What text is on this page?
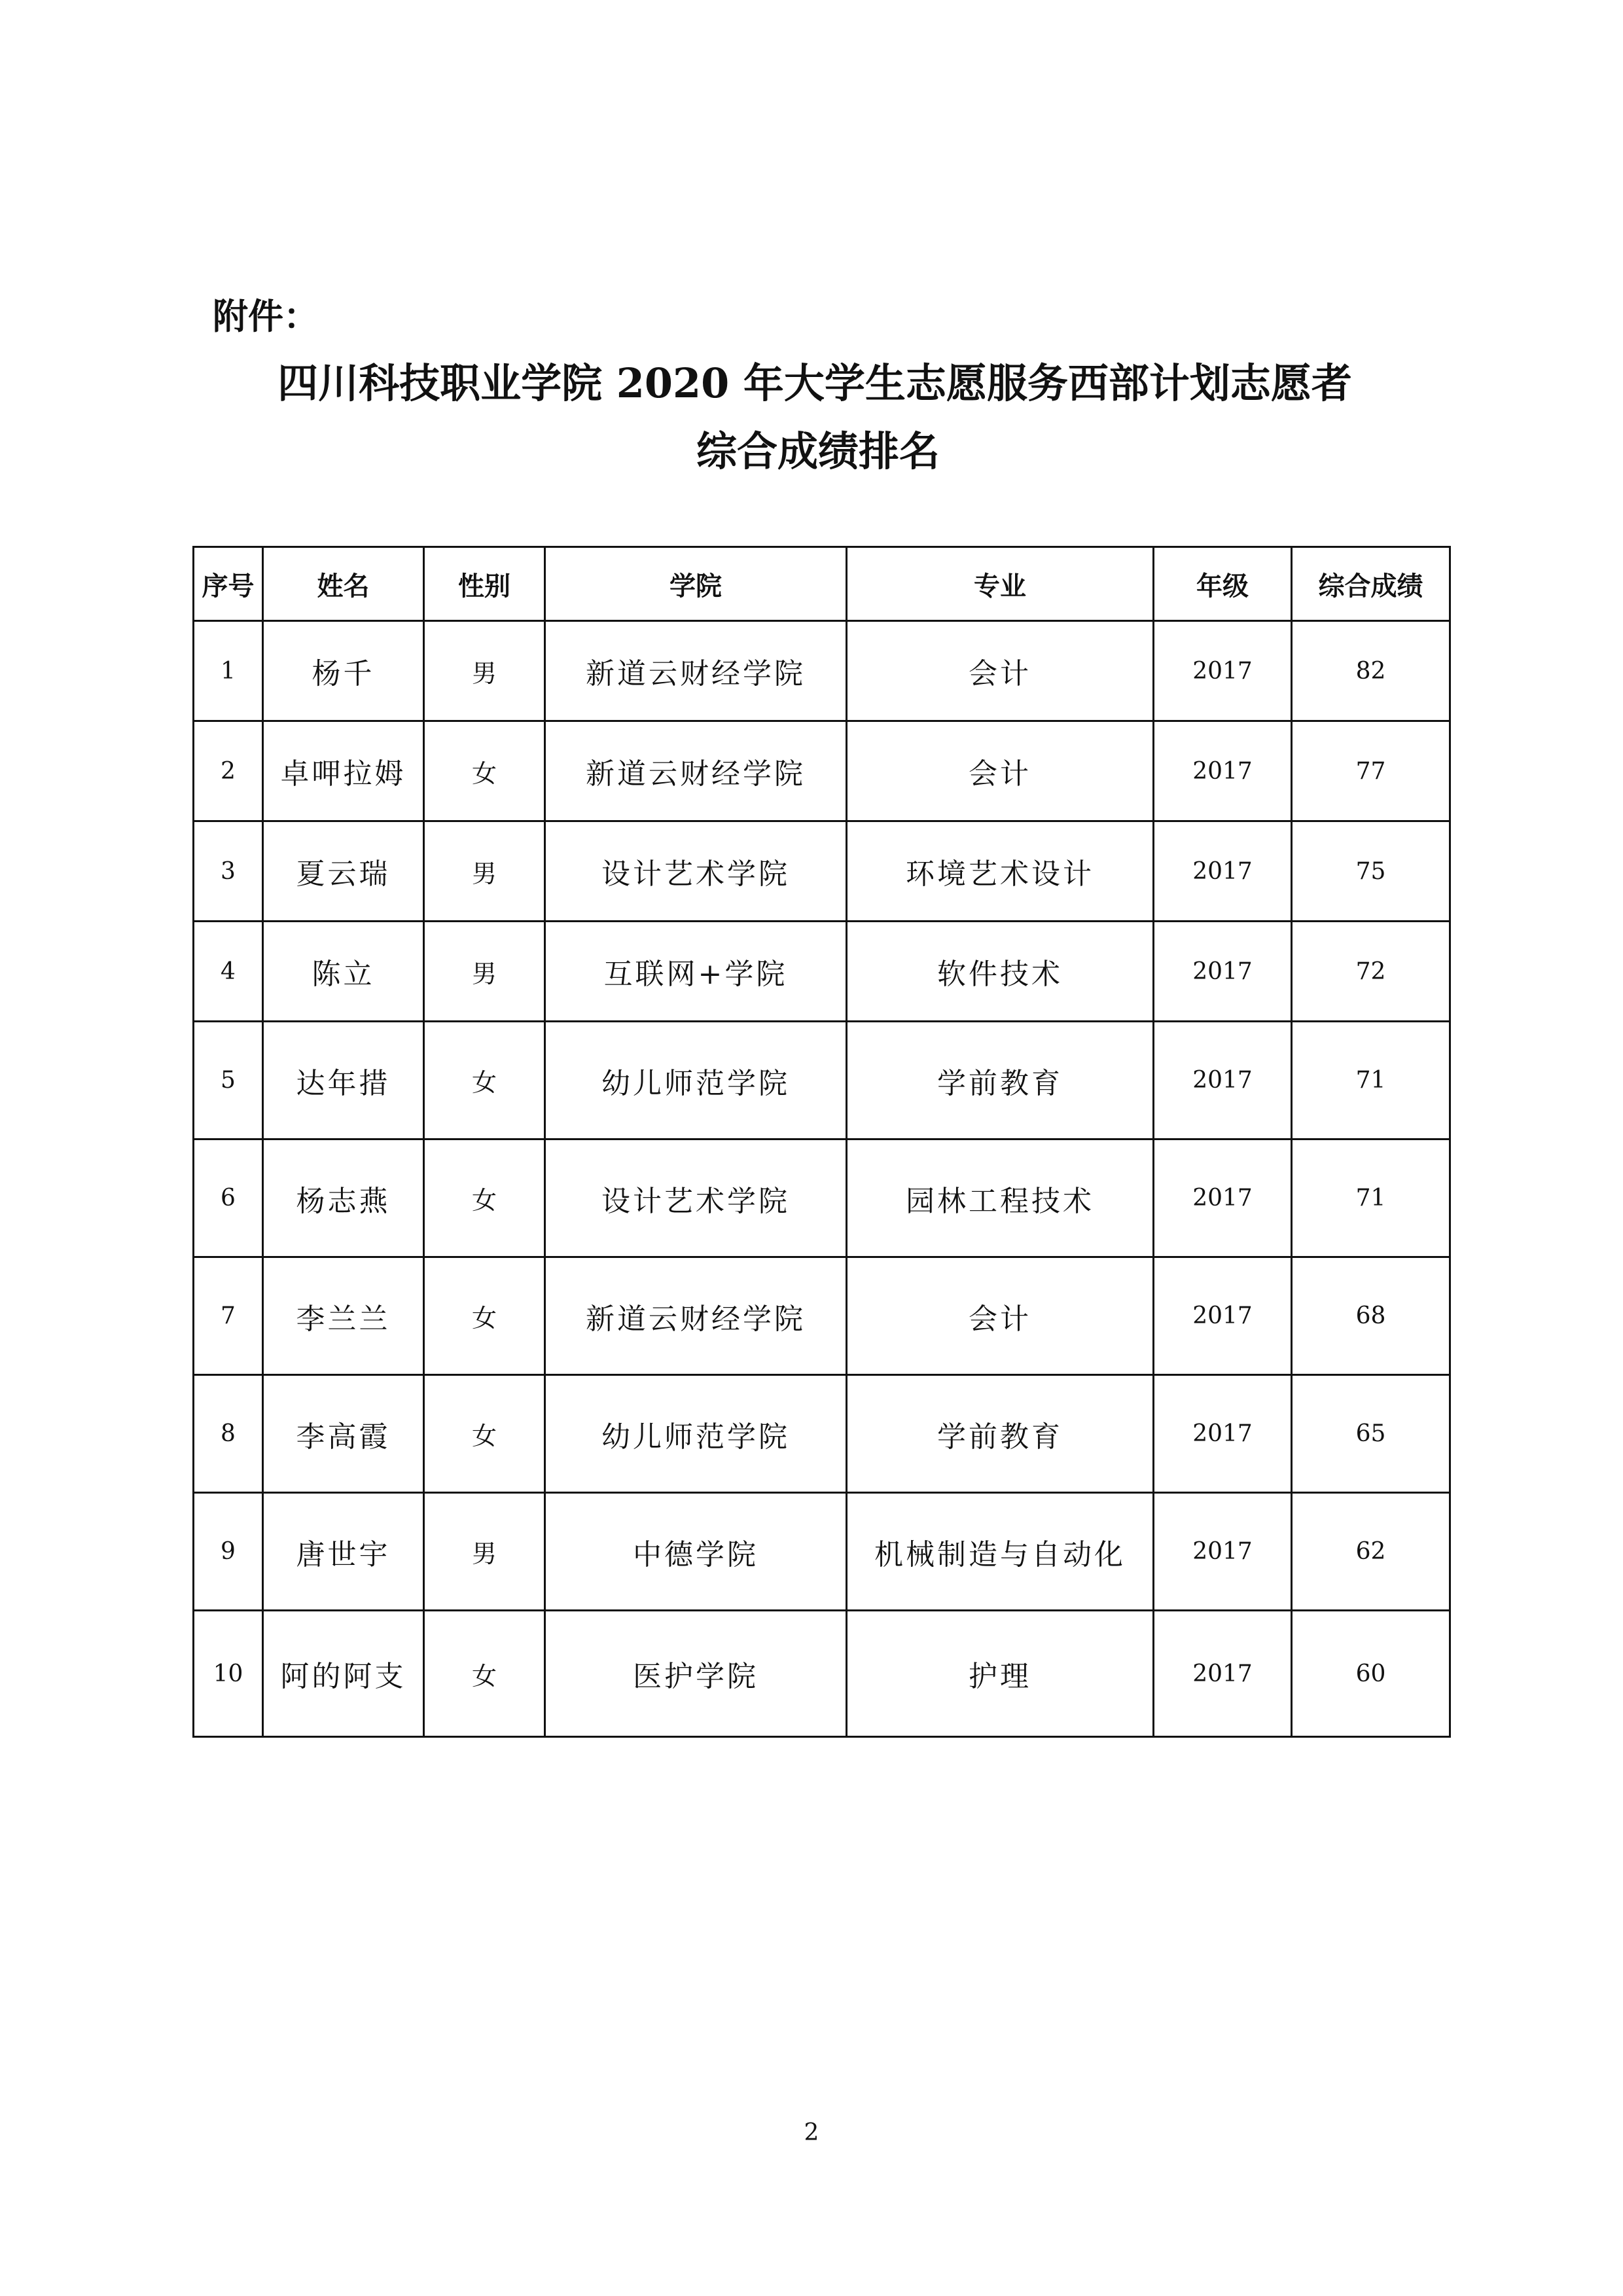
附件：
四川科技职业学院 2020 年大学生志愿服务西部计划志愿者
综合成绩排名
序号	姓名	性别	学院	专业	年级	综合成绩
1	杨千	男	新道云财经学院	会计	2017	82
2	卓呷拉姆	女	新道云财经学院	会计	2017	77
3	夏云瑞	男	设计艺术学院	环境艺术设计	2017	75
4	陈立	男	互联网+学院	软件技术	2017	72
5	达年措	女	幼儿师范学院	学前教育	2017	71
6	杨志燕	女	设计艺术学院	园林工程技术	2017	71
7	李兰兰	女	新道云财经学院	会计	2017	68
8	李高霞	女	幼儿师范学院	学前教育	2017	65
9	唐世宇	男	中德学院	机械制造与自动化	2017	62
10	阿的阿支	女	医护学院	护理	2017	60
2
